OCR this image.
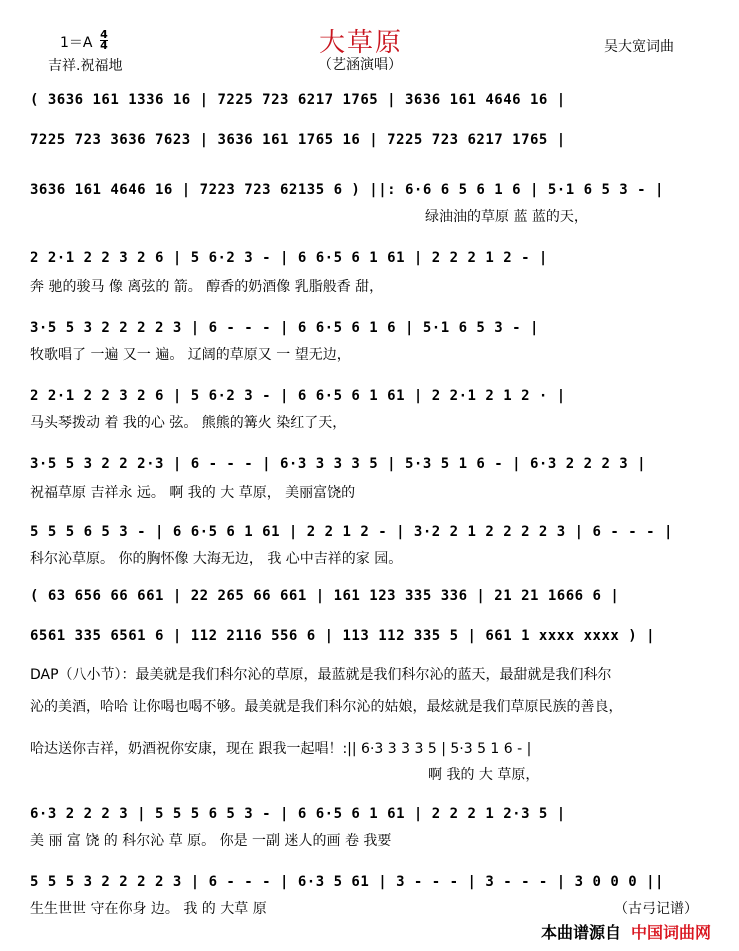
大草原
（艺涵演唱）
1＝A
4
4
吉祥.祝福地
吴大宽词曲
( 3636 161 1336 16 | 7225 723 6217 1765 | 3636 161 4646 16 |
7225 723 3636 7623 | 3636 161 1765 16 | 7225 723 6217 1765 |
3636 161 4646 16 | 7223 723 62135 6 ) ||: 6·6 6 5 6 1 6 | 5·1 6 5 3 - |
绿油油的草原 蓝 蓝的天，
2 2·1 2 2 3 2 6 | 5 6·2 3 - | 6 6·5 6 1 61 | 2 2 2 1 2 - |
奔 驰的骏马 像 离弦的 箭。 醇香的奶酒像 乳脂般香 甜，
3·5 5 3 2 2 2 2 3 | 6 - - - | 6 6·5 6 1 6 | 5·1 6 5 3 - |
牧歌唱了 一遍 又一 遍。 辽阔的草原又 一 望无边，
2 2·1 2 2 3 2 6 | 5 6·2 3 - | 6 6·5 6 1 61 | 2 2·1 2 1 2 · |
马头琴拨动 着 我的心 弦。 熊熊的篝火 染红了天，
3·5 5 3 2 2 2·3 | 6 - - - | 6·3 3 3 3 5 | 5·3 5 1 6 - | 6·3 2 2 2 3 |
祝福草原 吉祥永 远。 啊 我的 大 草原， 美丽富饶的
5 5 5 6 5 3 - | 6 6·5 6 1 61 | 2 2 1 2 - | 3·2 2 1 2 2 2 2 3 | 6 - - - |
科尔沁草原。 你的胸怀像 大海无边， 我 心中吉祥的家 园。
( 63 656 66 661 | 22 265 66 661 | 161 123 335 336 | 21 21 1666 6 |
6561 335 6561 6 | 112 2116 556 6 | 113 112 335 5 | 661 1 xxxx xxxx ) |
DAP（八小节）：最美就是我们科尔沁的草原，最蓝就是我们科尔沁的蓝天，最甜就是我们科尔
沁的美酒，哈哈 让你喝也喝不够。最美就是我们科尔沁的姑娘，最炫就是我们草原民族的善良，
哈达送你吉祥，奶酒祝你安康，现在 跟我一起唱！:|| 6·3 3 3 3 5 | 5·3 5 1 6 - |
啊 我的 大 草原，
6·3 2 2 2 3 | 5 5 5 6 5 3 - | 6 6·5 6 1 61 | 2 2 2 1 2·3 5 |
美 丽 富 饶 的 科尔沁 草 原。 你是 一副 迷人的画 卷 我要
5 5 5 3 2 2 2 2 3 | 6 - - - | 6·3 5 61 | 3 - - - | 3 - - - | 3 0 0 0 ||
生生世世 守在你身 边。 我 的 大草 原	（古弓记谱）
本曲谱源自 中国词曲网
